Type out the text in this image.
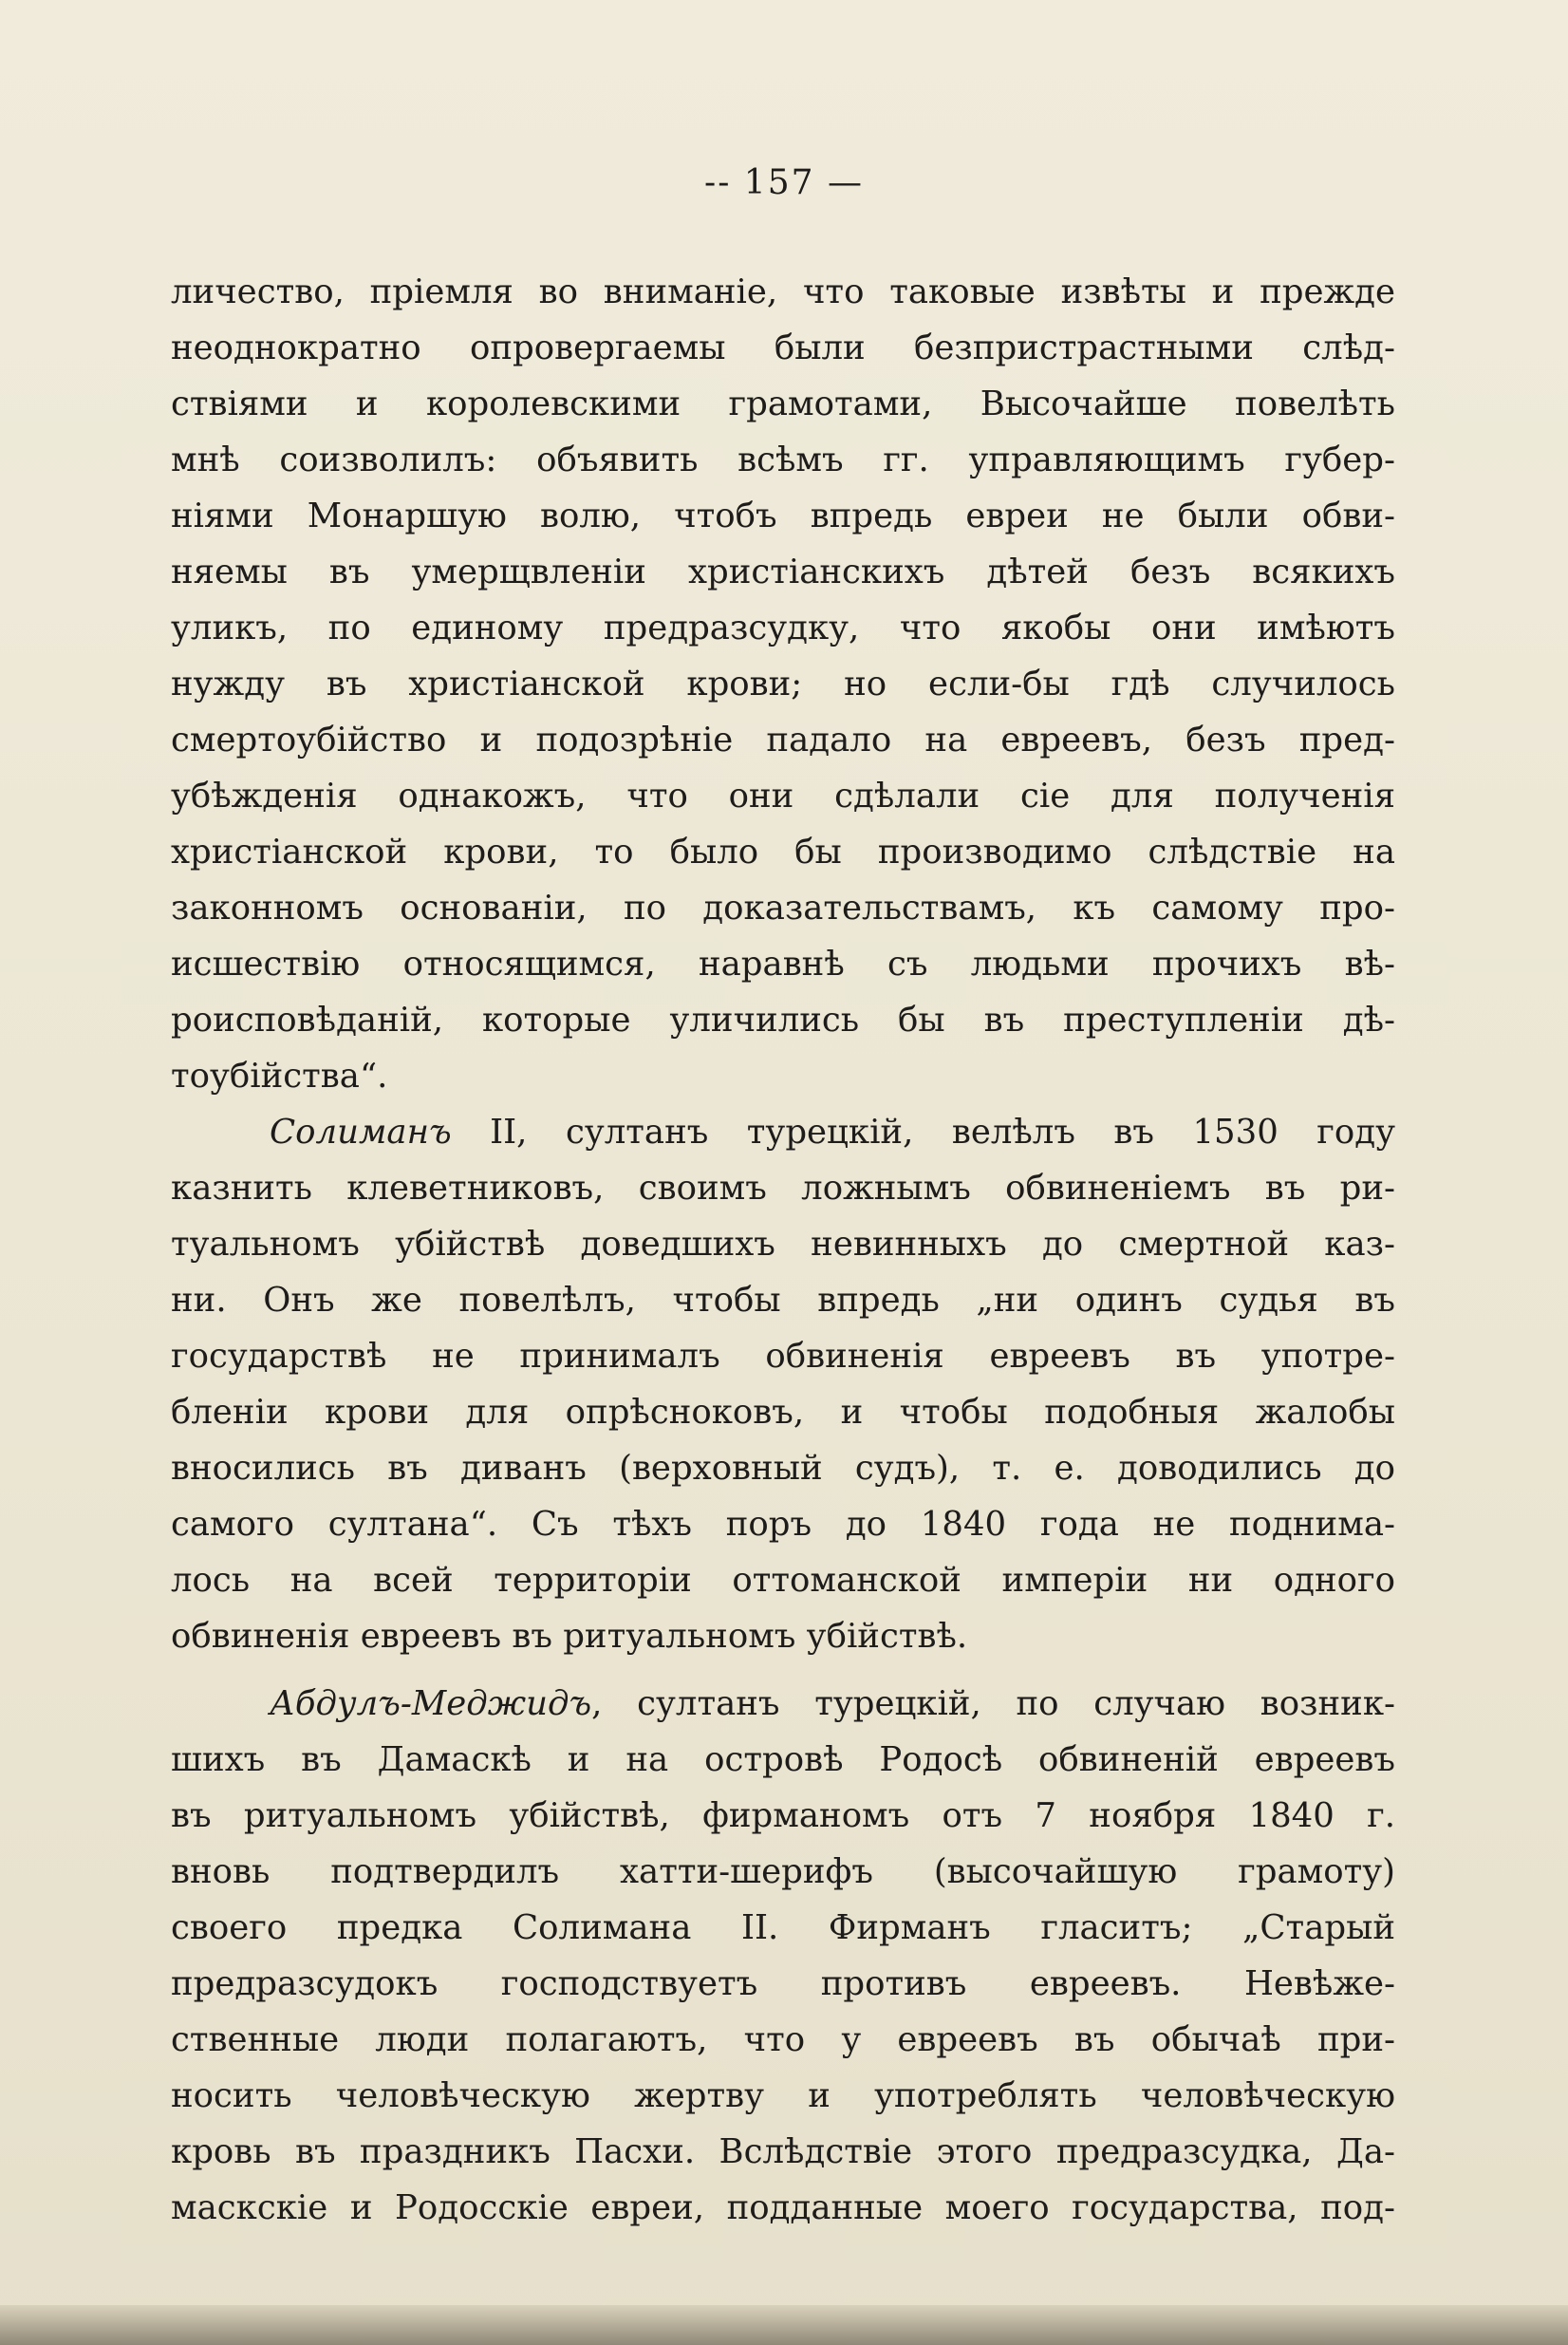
-- 157 —
личество, пріемля во вниманіе, что таковые извѣты и прежде
неоднократно опровергаемы были безпристрастными слѣд-
ствіями и королевскими грамотами, Высочайше повелѣть
мнѣ соизволилъ: объявить всѣмъ гг. управляющимъ губер-
ніями Монаршую волю, чтобъ впредь евреи не были обви-
няемы въ умерщвленіи христіанскихъ дѣтей безъ всякихъ
уликъ, по единому предразсудку, что якобы они имѣютъ
нужду въ христіанской крови; но если-бы гдѣ случилось
смертоубійство и подозрѣніе падало на евреевъ, безъ пред-
убѣжденія однакожъ, что они сдѣлали сіе для полученія
христіанской крови, то было бы производимо слѣдствіе на
законномъ основаніи, по доказательствамъ, къ самому про-
исшествію относящимся, наравнѣ съ людьми прочихъ вѣ-
роисповѣданій, которые уличились бы въ преступленіи дѣ-
тоубійства“.
Солиманъ II, султанъ турецкій, велѣлъ въ 1530 году
казнить клеветниковъ, своимъ ложнымъ обвиненіемъ въ ри-
туальномъ убійствѣ доведшихъ невинныхъ до смертной каз-
ни. Онъ же повелѣлъ, чтобы впредь „ни одинъ судья въ
государствѣ не принималъ обвиненія евреевъ въ употре-
бленіи крови для опрѣсноковъ, и чтобы подобныя жалобы
вносились въ диванъ (верховный судъ), т. е. доводились до
самого султана“. Съ тѣхъ поръ до 1840 года не поднима-
лось на всей территоріи оттоманской имперіи ни одного
обвиненія евреевъ въ ритуальномъ убійствѣ.
Абдулъ-Меджидъ, султанъ турецкій, по случаю возник-
шихъ въ Дамаскѣ и на островѣ Родосѣ обвиненій евреевъ
въ ритуальномъ убійствѣ, фирманомъ отъ 7 ноября 1840 г.
вновь подтвердилъ хатти-шерифъ (высочайшую грамоту)
своего предка Солимана II. Фирманъ гласитъ; „Старый
предразсудокъ господствуетъ противъ евреевъ. Невѣже-
ственные люди полагаютъ, что у евреевъ въ обычаѣ при-
носить человѣческую жертву и употреблять человѣческую
кровь въ праздникъ Пасхи. Вслѣдствіе этого предразсудка, Да-
маскскіе и Родосскіе евреи, подданные моего государства, под-
